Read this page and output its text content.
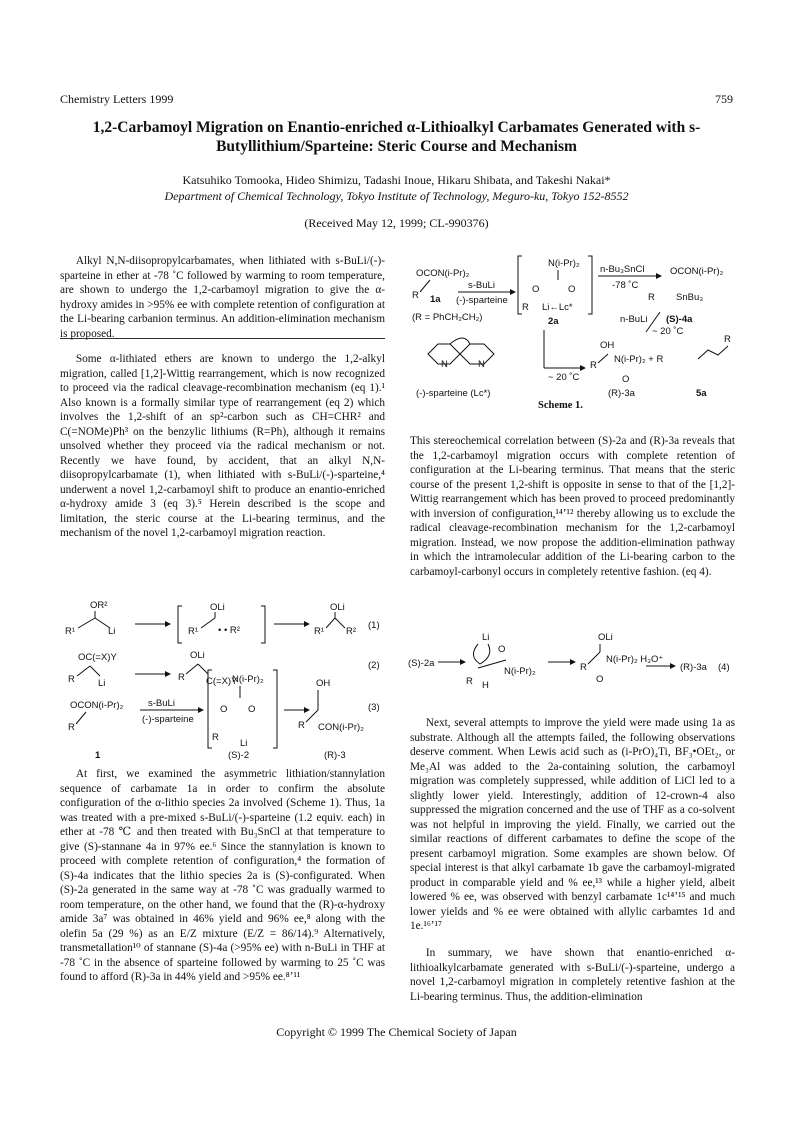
Chemistry Letters 1999	759
1,2-Carbamoyl Migration on Enantio-enriched α-Lithioalkyl Carbamates Generated with s-Butyllithium/Sparteine: Steric Course and Mechanism
Katsuhiko Tomooka, Hideo Shimizu, Tadashi Inoue, Hikaru Shibata, and Takeshi Nakai*
Department of Chemical Technology, Tokyo Institute of Technology, Meguro-ku, Tokyo 152-8552
(Received May 12, 1999; CL-990376)

Alkyl N,N-diisopropylcarbamates, when lithiated with s-BuLi/(-)-sparteine in ether at -78 ˚C followed by warming to room temperature, are shown to undergo the 1,2-carbamoyl migration to give the α-hydroxy amides in >95% ee with complete retention of configuration at the Li-bearing carbanion terminus. An addition-elimination mechanism is proposed.

Some α-lithiated ethers are known to undergo the 1,2-alkyl migration, called [1,2]-Wittig rearrangement, which is now recognized to proceed via the radical cleavage-recombination mechanism (eq 1).¹ Also known is a formally similar type of rearrangement (eq 2) which involves the 1,2-shift of an sp²-carbon such as CH=CHR² and C(=NOMe)Ph³ on the benzylic lithiums (R=Ph), although it remains unsolved whether they proceed via the radical mechanism or not. Recently we have found, by accident, that an alkyl N,N-diisopropylcarbamate (1), when lithiated with s-BuLi/(-)-sparteine,⁴ underwent a novel 1,2-carbamoyl shift to produce an enantio-enriched α-hydroxy amide 3 (eq 3).⁵ Herein described is the scope and limitation, the steric course at the Li-bearing terminus, and the mechanism of the novel 1,2-carbamoyl migration reaction.

OR²
R¹	Li
OLi
R¹ • • R²
OLi
R¹ R²
(1)
OC(=X)Y
R Li
OLi
R C(=X)Y
(2)
OCON(i-Pr)₂
R
s-BuLi
(-)-sparteine
N(i-Pr)₂
O O
R
Li
OH
R CON(i-Pr)₂
(3)
1	(S)-2	(R)-3

At first, we examined the asymmetric lithiation/stannylation sequence of carbamate 1a in order to confirm the absolute configuration of the α-lithio species 2a involved (Scheme 1). Thus, 1a was treated with a pre-mixed s-BuLi/(-)-sparteine (1.2 equiv. each) in ether at -78 ℃ and then treated with Bu₃SnCl at that temperature to give (S)-stannane 4a in 97% ee.⁶ Since the stannylation is known to proceed with complete retention of configuration,⁴ the formation of (S)-4a indicates that the lithio species 2a is (S)-configurated. When (S)-2a generated in the same way at -78 ˚C was gradually warmed to room temperature, on the other hand, we found that the (R)-α-hydroxy amide 3a⁷ was obtained in 46% yield and 96% ee,⁸ along with the olefin 5a (29 %) as an E/Z mixture (E/Z = 86/14).⁹ Alternatively, transmetallation¹⁰ of stannane (S)-4a (>95% ee) with n-BuLi in THF at -78 ˚C in the absence of sparteine followed by warming to 25 ˚C was found to afford (R)-3a in 44% yield and >95% ee.⁸ʼ¹¹

OCON(i-Pr)₂
R 1a
s-BuLi
(-)-sparteine
(R = PhCH₂CH₂)
N(i-Pr)₂
O	O
R Li←Lc*
2a
n-Bu₃SnCl
-78 ˚C
OCON(i-Pr)₂
R SnBu₃
n-BuLi (S)-4a
~ 20 ˚C
~ 20 ˚C
OH
R
N(i-Pr)₂ + R
R
O
(R)-3a	5a
N	N
(-)-sparteine (Lc*)
Scheme 1.

This stereochemical correlation between (S)-2a and (R)-3a reveals that the 1,2-carbamoyl migration occurs with complete retention of configuration at the Li-bearing terminus. That means that the steric course of the present 1,2-shift is opposite in sense to that of the [1,2]-Wittig rearrangement which has been proved to proceed predominantly with inversion of configuration,¹⁴ʼ¹² thereby allowing us to exclude the radical cleavage-recombination mechanism for the 1,2-carbamoyl migration. Instead, we now propose the addition-elimination pathway in which the intramolecular addition of the Li-bearing carbon to the carbamoyl-carbonyl occurs in completely retentive fashion. (eq 4).

(S)-2a
Li
O
N(i-Pr)₂
R H
OLi
R
N(i-Pr)₂ H₃O⁺
O
(R)-3a (4)

Next, several attempts to improve the yield were made using 1a as substrate. Although all the attempts failed, the following observations deserve comment. When Lewis acid such as (i-PrO)₄Ti, BF₃•OEt₂, or Me₃Al was added to the 2a-containing solution, the carbamoyl migration was completely suppressed, while addition of LiCl led to a slightly lower yield. Interestingly, addition of 12-crown-4 also suppressed the migration concerned and the use of THF as a co-solvent was not helpful in improving the yield. Finally, we carried out the similar reactions of different carbamates to define the scope of the present carbamoyl migration. Some examples are shown below. Of special interest is that alkyl carbamate 1b gave the carbamoyl-migrated product in comparable yield and % ee,¹³ while a higher yield, albeit lowered % ee, was observed with benzyl carbamate 1c¹⁴ʼ¹⁵ and much lower yields and % ee were obtained with allylic carbamtes 1d and 1e.¹⁶ʼ¹⁷

In summary, we have shown that enantio-enriched α-lithioalkylcarbamate generated with s-BuLi/(-)-sparteine, undergo a novel 1,2-carbamoyl migration in completely retentive fashion at the Li-bearing terminus. Thus, the addition-elimination

Copyright © 1999 The Chemical Society of Japan
